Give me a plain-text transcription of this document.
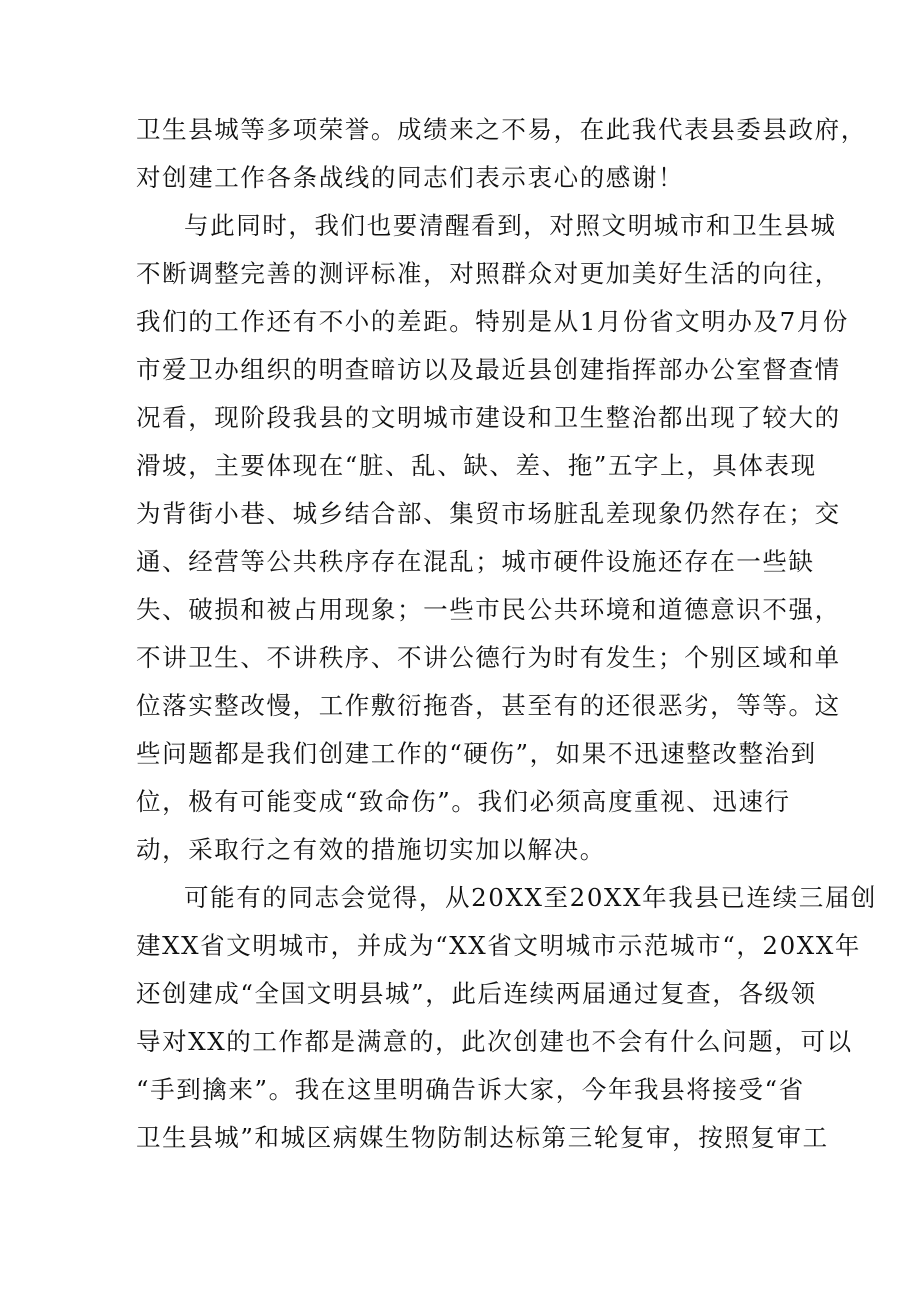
卫生县城等多项荣誉。成绩来之不易，在此我代表县委县政府，
对创建工作各条战线的同志们表示衷心的感谢！
与此同时，我们也要清醒看到，对照文明城市和卫生县城
不断调整完善的测评标准，对照群众对更加美好生活的向往，
我们的工作还有不小的差距。特别是从1月份省文明办及7月份
市爱卫办组织的明查暗访以及最近县创建指挥部办公室督查情
况看，现阶段我县的文明城市建设和卫生整治都出现了较大的
滑坡，主要体现在“脏、乱、缺、差、拖”五字上，具体表现
为背街小巷、城乡结合部、集贸市场脏乱差现象仍然存在；交
通、经营等公共秩序存在混乱；城市硬件设施还存在一些缺
失、破损和被占用现象；一些市民公共环境和道德意识不强，
不讲卫生、不讲秩序、不讲公德行为时有发生；个别区域和单
位落实整改慢，工作敷衍拖沓，甚至有的还很恶劣，等等。这
些问题都是我们创建工作的“硬伤”，如果不迅速整改整治到
位，极有可能变成“致命伤”。我们必须高度重视、迅速行
动，采取行之有效的措施切实加以解决。
可能有的同志会觉得，从20XX至20XX年我县已连续三届创
建XX省文明城市，并成为“XX省文明城市示范城市“，20XX年
还创建成“全国文明县城”，此后连续两届通过复查，各级领
导对XX的工作都是满意的，此次创建也不会有什么问题，可以
“手到擒来”。我在这里明确告诉大家，今年我县将接受“省
卫生县城”和城区病媒生物防制达标第三轮复审，按照复审工
